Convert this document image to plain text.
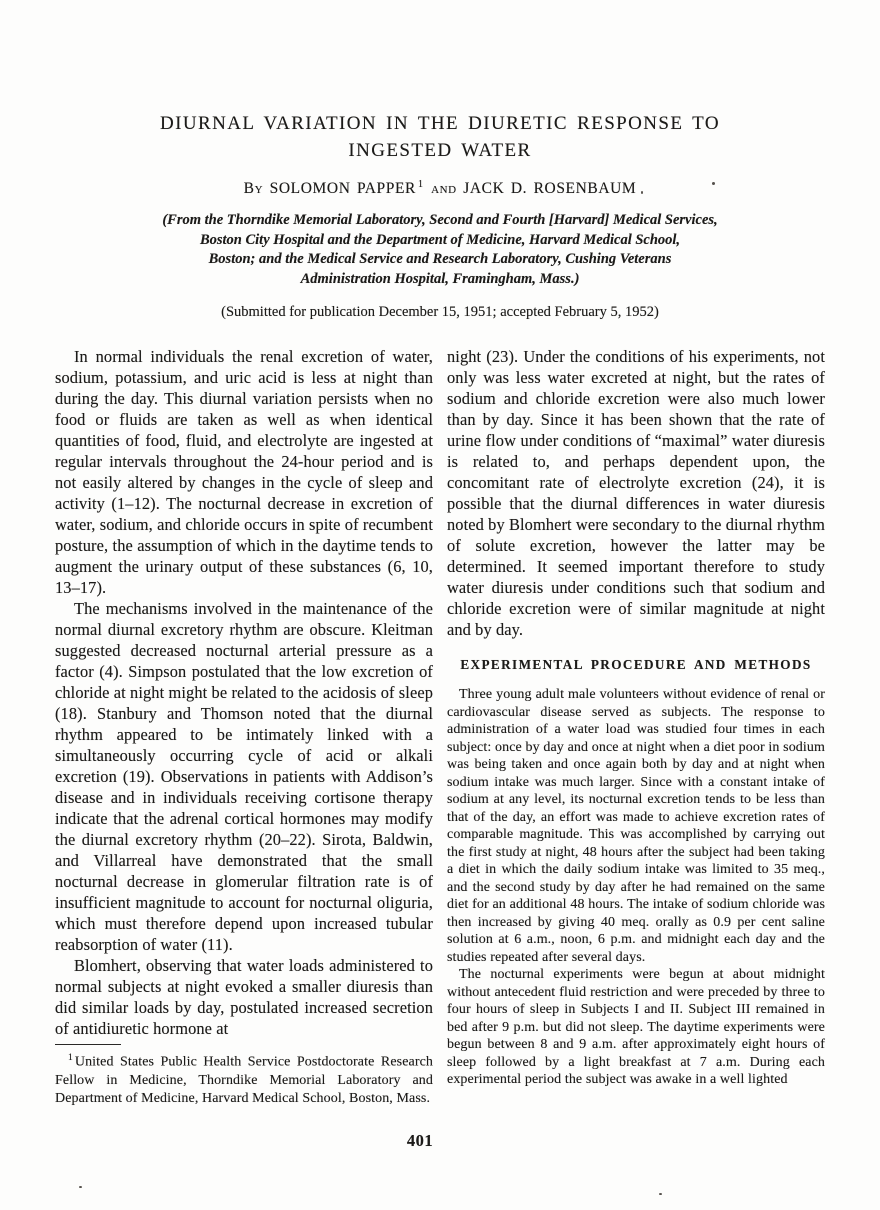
DIURNAL VARIATION IN THE DIURETIC RESPONSE TO
INGESTED WATER
By SOLOMON PAPPER $^1$ and JACK D. ROSENBAUM
(From the Thorndike Memorial Laboratory, Second and Fourth [Harvard] Medical Services,
Boston City Hospital and the Department of Medicine, Harvard Medical School,
Boston; and the Medical Service and Research Laboratory, Cushing Veterans
Administration Hospital, Framingham, Mass.)
(Submitted for publication December 15, 1951; accepted February 5, 1952)

In normal individuals the renal excretion of water, sodium, potassium, and uric acid is less at night than during the day. This diurnal variation persists when no food or fluids are taken as well as when identical quantities of food, fluid, and electrolyte are ingested at regular intervals throughout the 24-hour period and is not easily altered by changes in the cycle of sleep and activity (1–12). The nocturnal decrease in excretion of water, sodium, and chloride occurs in spite of recumbent posture, the assumption of which in the daytime tends to augment the urinary output of these substances (6, 10, 13–17).

The mechanisms involved in the maintenance of the normal diurnal excretory rhythm are obscure. Kleitman suggested decreased nocturnal arterial pressure as a factor (4). Simpson postulated that the low excretion of chloride at night might be related to the acidosis of sleep (18). Stanbury and Thomson noted that the diurnal rhythm appeared to be intimately linked with a simultaneously occurring cycle of acid or alkali excretion (19). Observations in patients with Addison’s disease and in individuals receiving cortisone therapy indicate that the adrenal cortical hormones may modify the diurnal excretory rhythm (20–22). Sirota, Baldwin, and Villarreal have demonstrated that the small nocturnal decrease in glomerular filtration rate is of insufficient magnitude to account for nocturnal oliguria, which must therefore depend upon increased tubular reabsorption of water (11).

Blomhert, observing that water loads administered to normal subjects at night evoked a smaller diuresis than did similar loads by day, postulated increased secretion of antidiuretic hormone at

$^1$ United States Public Health Service Postdoctorate Research Fellow in Medicine, Thorndike Memorial Laboratory and Department of Medicine, Harvard Medical School, Boston, Mass.

night (23). Under the conditions of his experiments, not only was less water excreted at night, but the rates of sodium and chloride excretion were also much lower than by day. Since it has been shown that the rate of urine flow under conditions of “maximal” water diuresis is related to, and perhaps dependent upon, the concomitant rate of electrolyte excretion (24), it is possible that the diurnal differences in water diuresis noted by Blomhert were secondary to the diurnal rhythm of solute excretion, however the latter may be determined. It seemed important therefore to study water diuresis under conditions such that sodium and chloride excretion were of similar magnitude at night and by day.

EXPERIMENTAL PROCEDURE AND METHODS

Three young adult male volunteers without evidence of renal or cardiovascular disease served as subjects. The response to administration of a water load was studied four times in each subject: once by day and once at night when a diet poor in sodium was being taken and once again both by day and at night when sodium intake was much larger. Since with a constant intake of sodium at any level, its nocturnal excretion tends to be less than that of the day, an effort was made to achieve excretion rates of comparable magnitude. This was accomplished by carrying out the first study at night, 48 hours after the subject had been taking a diet in which the daily sodium intake was limited to 35 meq., and the second study by day after he had remained on the same diet for an additional 48 hours. The intake of sodium chloride was then increased by giving 40 meq. orally as 0.9 per cent saline solution at 6 a.m., noon, 6 p.m. and midnight each day and the studies repeated after several days.

The nocturnal experiments were begun at about midnight without antecedent fluid restriction and were preceded by three to four hours of sleep in Subjects I and II. Subject III remained in bed after 9 p.m. but did not sleep. The daytime experiments were begun between 8 and 9 a.m. after approximately eight hours of sleep followed by a light breakfast at 7 a.m. During each experimental period the subject was awake in a well lighted

401
